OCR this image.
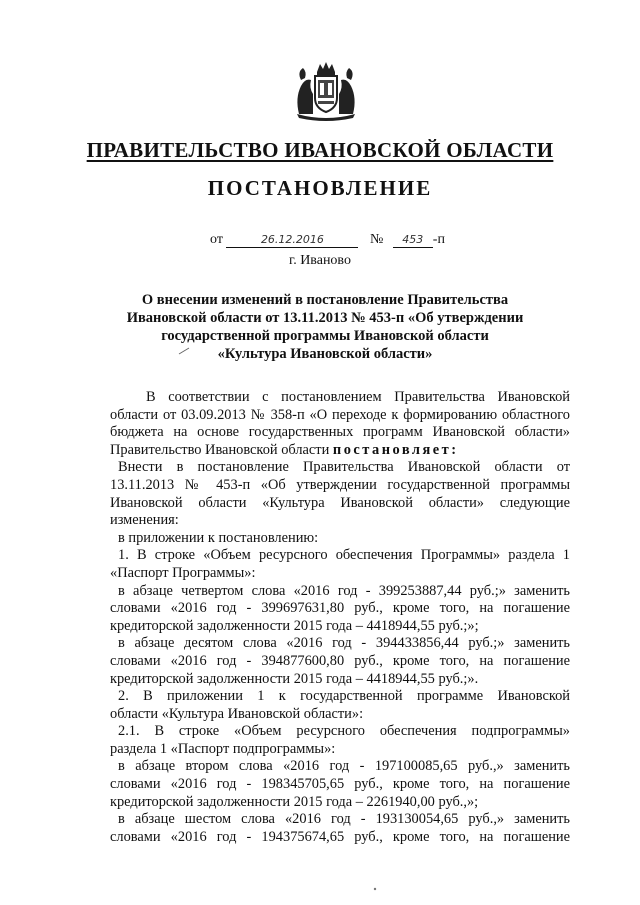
ПРАВИТЕЛЬСТВО ИВАНОВСКОЙ ОБЛАСТИ
ПОСТАНОВЛЕНИЕ
от	26.12.2016	№ 453 -п
г. Иваново
О внесении изменений в постановление Правительства
Ивановской области от 13.11.2013 № 453-п «Об утверждении
государственной программы Ивановской области
«Культура Ивановской области»

В соответствии с постановлением Правительства Ивановской

области от 03.09.2013 № 358-п «О переходе к формированию областного

бюджета на основе государственных программ Ивановской области»

Правительство Ивановской области постановляет:

Внести в постановление Правительства Ивановской области от

13.11.2013 № 453-п «Об утверждении государственной программы

Ивановской области «Культура Ивановской области» следующие

изменения:

в приложении к постановлению:

1. В строке «Объем ресурсного обеспечения Программы» раздела 1

«Паспорт Программы»:

в абзаце четвертом слова «2016 год - 399253887,44 руб.;» заменить

словами «2016 год - 399697631,80 руб., кроме того, на погашение

кредиторской задолженности 2015 года – 4418944,55 руб.;»;

в абзаце десятом слова «2016 год - 394433856,44 руб.;» заменить

словами «2016 год - 394877600,80 руб., кроме того, на погашение

кредиторской задолженности 2015 года – 4418944,55 руб.;».

2. В приложении 1 к государственной программе Ивановской

области «Культура Ивановской области»:

2.1. В строке «Объем ресурсного обеспечения подпрограммы»

раздела 1 «Паспорт подпрограммы»:

в абзаце втором слова «2016 год - 197100085,65 руб.,» заменить

словами «2016 год - 198345705,65 руб., кроме того, на погашение

кредиторской задолженности 2015 года – 2261940,00 руб.,»;

в абзаце шестом слова «2016 год - 193130054,65 руб.,» заменить

словами «2016 год - 194375674,65 руб., кроме того, на погашение
